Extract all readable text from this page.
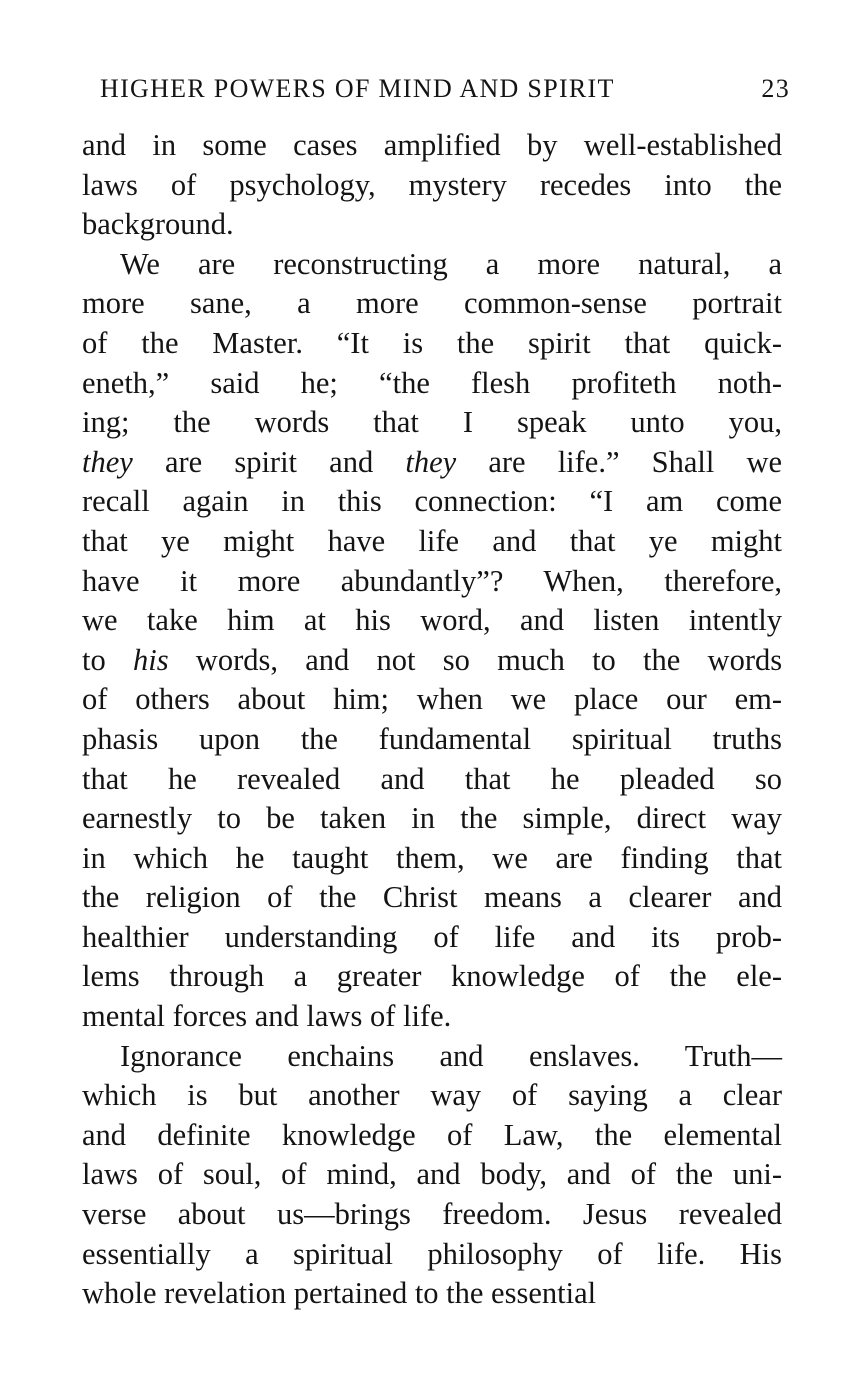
HIGHER POWERS OF MIND AND SPIRIT	23
and in some cases amplified by well-established
laws of psychology, mystery recedes into the
background.
We are reconstructing a more natural, a
more sane, a more common-sense portrait
of the Master. “It is the spirit that quick-
eneth,” said he; “the flesh profiteth noth-
ing; the words that I speak unto you,
they are spirit and they are life.” Shall we
recall again in this connection: “I am come
that ye might have life and that ye might
have it more abundantly”? When, therefore,
we take him at his word, and listen intently
to his words, and not so much to the words
of others about him; when we place our em-
phasis upon the fundamental spiritual truths
that he revealed and that he pleaded so
earnestly to be taken in the simple, direct way
in which he taught them, we are finding that
the religion of the Christ means a clearer and
healthier understanding of life and its prob-
lems through a greater knowledge of the ele-
mental forces and laws of life.
Ignorance enchains and enslaves. Truth—
which is but another way of saying a clear
and definite knowledge of Law, the elemental
laws of soul, of mind, and body, and of the uni-
verse about us—brings freedom. Jesus revealed
essentially a spiritual philosophy of life. His
whole revelation pertained to the essential
